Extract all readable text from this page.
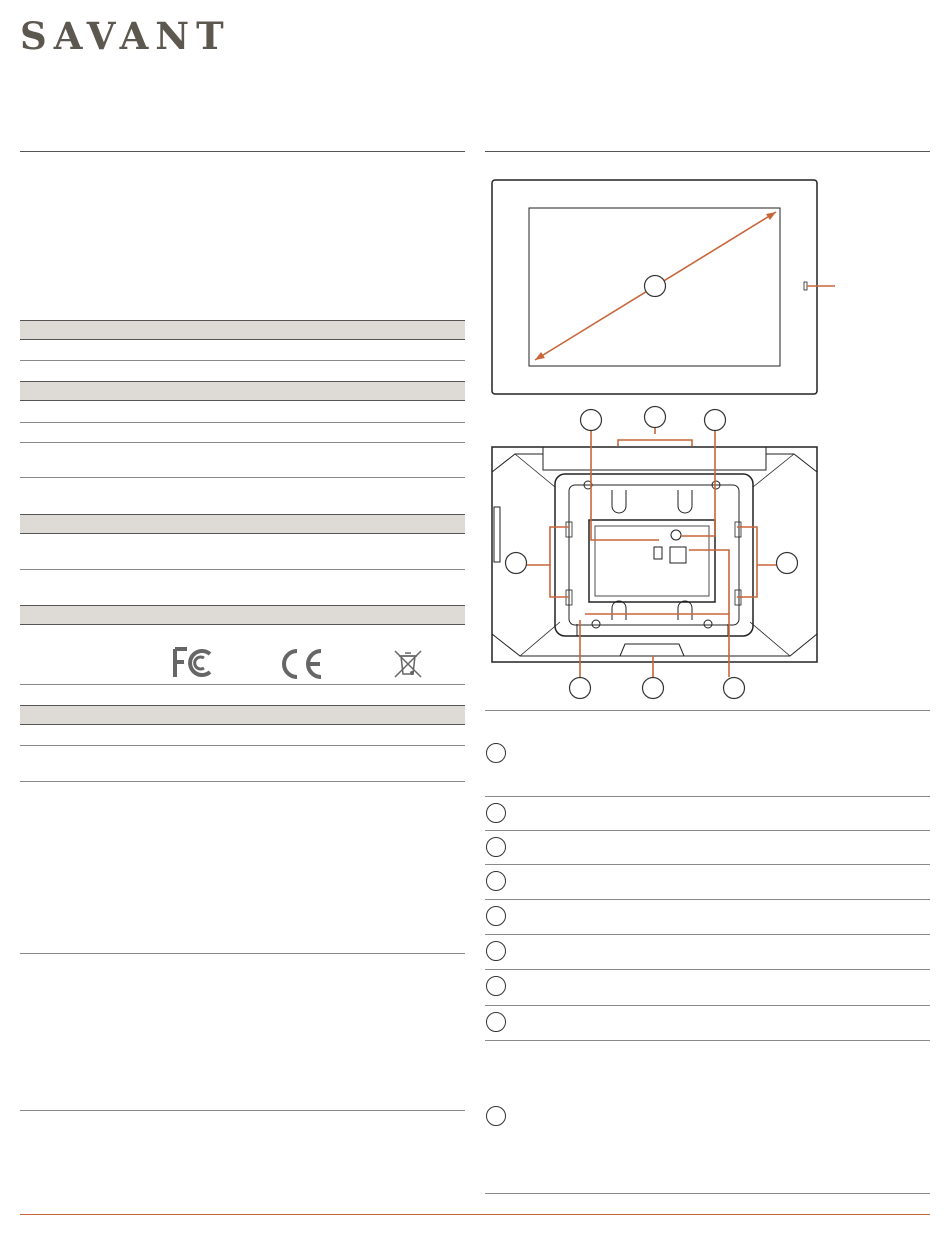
SAVANT
